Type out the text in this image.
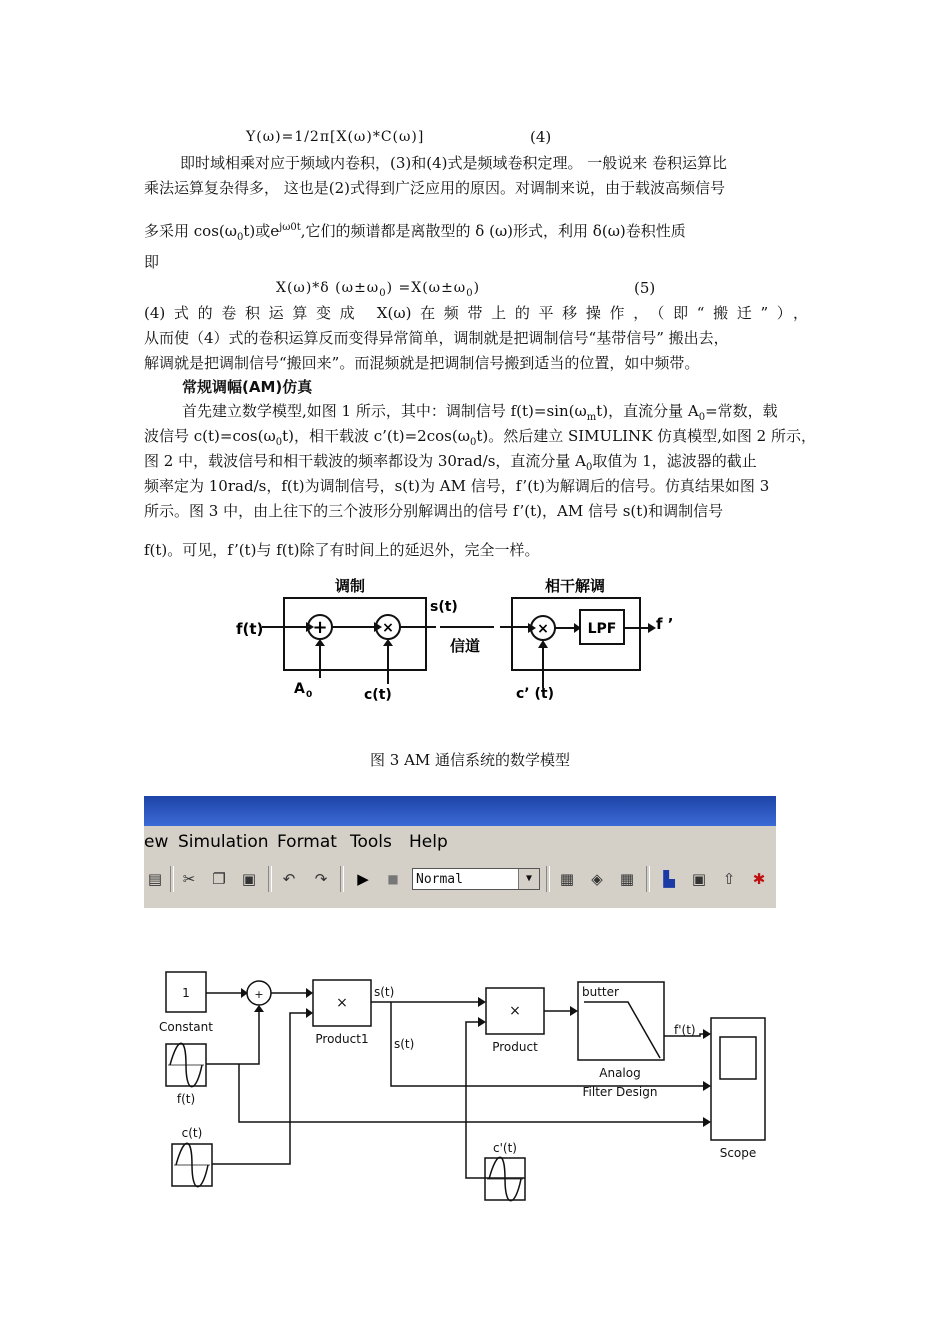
Y(ω)=1/2π[X(ω)*C(ω)]	(4)
即时域相乘对应于频域内卷积，(3)和(4)式是频域卷积定理。 一般说来 卷积运算比
乘法运算复杂得多， 这也是(2)式得到广泛应用的原因。对调制来说，由于载波高频信号
多采用 $\cos(\omega_0t)$或$e^{j\omega 0t}$,它们的频谱都是离散型的 δ (ω)形式，利用 δ(ω)卷积性质
即
X(ω)*δ $(\omega\pm\omega_0) =X(\omega\pm\omega_0)$	(5)
(4)式的卷积运算变成 X(ω)在频带上的平移操作，（即“搬迁”），
从而使（4）式的卷积运算反而变得异常简单，调制就是把调制信号“基带信号” 搬出去，
解调就是把调制信号“搬回来”。而混频就是把调制信号搬到适当的位置，如中频带。
常规调幅(AM)仿真
首先建立数学模型,如图 1 所示，其中：调制信号 $f(t)=\sin(\omega_mt)$，直流分量 $A_0=$常数，载
波信号 $c(t)=\cos(\omega_0t)$，相干载波 $c’(t)=2\cos(\omega_0t)$。然后建立 SIMULINK 仿真模型,如图 2 所示，
图 2 中，载波信号和相干载波的频率都设为 30rad/s，直流分量 $A_0$取值为 1，滤波器的截止
频率定为 10rad/s，f(t)为调制信号，s(t)为 AM 信号，f’(t)为解调后的信号。仿真结果如图 3
所示。图 3 中，由上往下的三个波形分别解调出的信号 f’(t)，AM 信号 s(t)和调制信号
f(t)。可见，f’(t)与 f(t)除了有时间上的延迟外，完全一样。
+	×	×	LPF
调制	相干解调
f(t)
s(t)
信道
A 0	c(t)	c’ (t)
f ’
图 3 AM 通信系统的数学模型
ew Simulation Format Tools Help
▤	✂	❐ ▣	↶	↷	▶	■	Normal	▼	▦	◈	▦	▙	▣	⇧	✱
1
Constant
f(t)
c(t)
+
×
Product1
×
Product
butter
Analog
Filter Design
Scope
c'(t)
s(t)
s(t)
f'(t)
